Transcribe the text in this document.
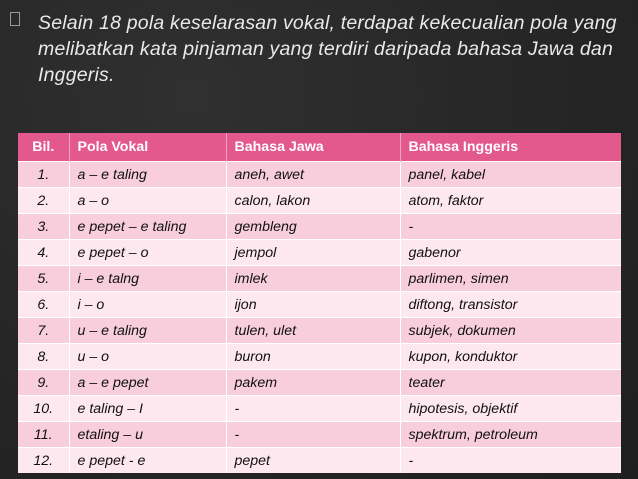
Selain 18 pola keselarasan vokal, terdapat kekecualian pola yang melibatkan kata pinjaman yang terdiri daripada bahasa Jawa dan Inggeris.

Bil.	Pola Vokal	Bahasa Jawa	Bahasa Inggeris
1.	a – e taling	aneh, awet	panel, kabel
2.	a – o	calon, lakon	atom, faktor
3.	e pepet – e taling	gembleng	-
4.	e pepet – o	jempol	gabenor
5.	i – e talng	imlek	parlimen, simen
6.	i – o	ijon	diftong, transistor
7.	u – e taling	tulen, ulet	subjek, dokumen
8.	u – o	buron	kupon, konduktor
9.	a – e pepet	pakem	teater
10.	e taling – I	-	hipotesis, objektif
11.	etaling – u	-	spektrum, petroleum
12.	e pepet - e	pepet	-
